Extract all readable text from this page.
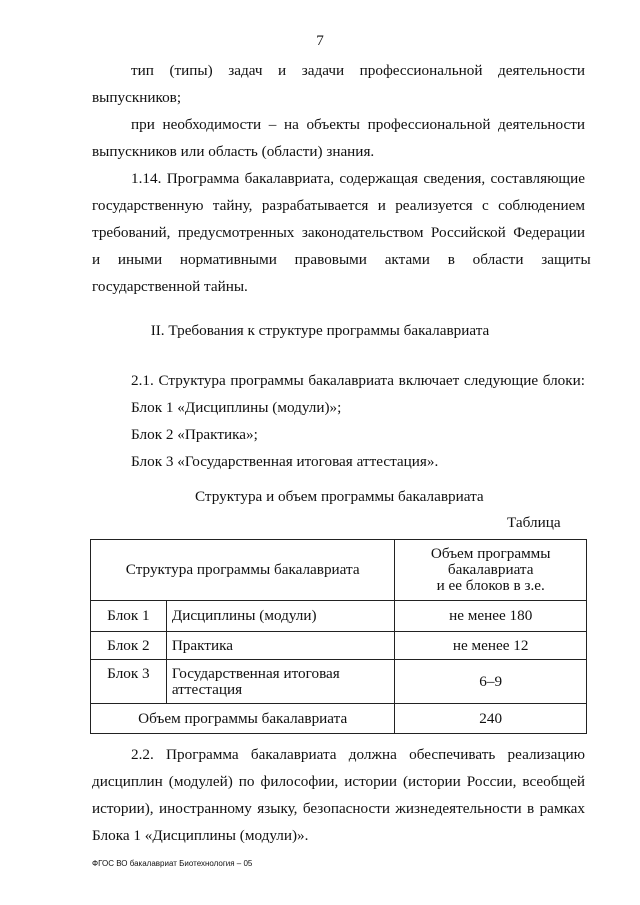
7
тип (типы) задач и задачи профессиональной деятельности
выпускников;
при необходимости – на объекты профессиональной деятельности
выпускников или область (области) знания.
1.14. Программа бакалавриата, содержащая сведения, составляющие
государственную тайну, разрабатывается и реализуется с соблюдением
требований, предусмотренных законодательством Российской Федерации
и иными нормативными правовыми актами в области защиты
государственной тайны.
II. Требования к структуре программы бакалавриата
2.1. Структура программы бакалавриата включает следующие блоки:
Блок 1 «Дисциплины (модули)»;
Блок 2 «Практика»;
Блок 3 «Государственная итоговая аттестация».
Структура и объем программы бакалавриата
Таблица
Структура программы бакалавриата		Объем программы
бакалавриата
и ее блоков в з.е.

Блок 1	Дисциплины (модули)	не менее 180
Блок 2	Практика	не менее 12
Блок 3	Государственная итоговая
аттестация	6–9
Объем программы бакалавриата		240
2.2. Программа бакалавриата должна обеспечивать реализацию
дисциплин (модулей) по философии, истории (истории России, всеобщей
истории), иностранному языку, безопасности жизнедеятельности в рамках
Блока 1 «Дисциплины (модули)».
ФГОС ВО бакалавриат Биотехнология – 05
